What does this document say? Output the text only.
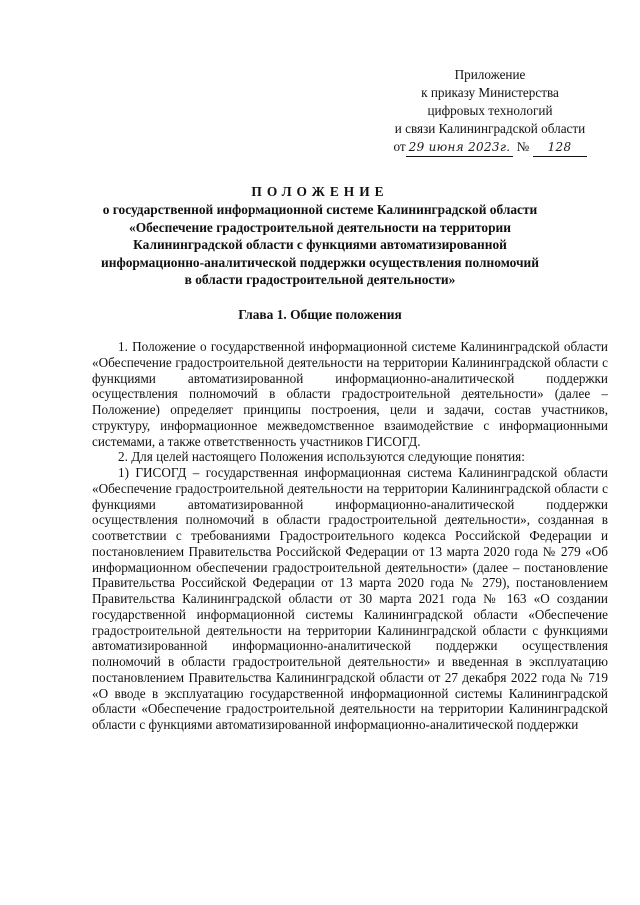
Приложение
к приказу Министерства
цифровых технологий
и связи Калининградской области
от 29 июня 2023г. № 128
ПОЛОЖЕНИЕ
о государственной информационной системе Калининградской области
«Обеспечение градостроительной деятельности на территории
Калининградской области с функциями автоматизированной
информационно-аналитической поддержки осуществления полномочий
в области градостроительной деятельности»
Глава 1. Общие положения

1. Положение о государственной информационной системе Калининградской области «Обеспечение градостроительной деятельности на территории Калининградской области с функциями автоматизированной информационно-аналитической поддержки осуществления полномочий в области градостроительной деятельности» (далее – Положение) определяет принципы построения, цели и задачи, состав участников, структуру, информационное межведомственное взаимодействие с информационными системами, а также ответственность участников ГИСОГД.

2. Для целей настоящего Положения используются следующие понятия:

1) ГИСОГД – государственная информационная система Калининградской области «Обеспечение градостроительной деятельности на территории Калининградской области с функциями автоматизированной информационно-аналитической поддержки осуществления полномочий в области градостроительной деятельности», созданная в соответствии с требованиями Градостроительного кодекса Российской Федерации и постановлением Правительства Российской Федерации от 13 марта 2020 года № 279 «Об информационном обеспечении градостроительной деятельности» (далее – постановление Правительства Российской Федерации от 13 марта 2020 года № 279), постановлением Правительства Калининградской области от 30 марта 2021 года № 163 «О создании государственной информационной системы Калининградской области «Обеспечение градостроительной деятельности на территории Калининградской области с функциями автоматизированной информационно-аналитической поддержки осуществления полномочий в области градостроительной деятельности» и введенная в эксплуатацию постановлением Правительства Калининградской области от 27 декабря 2022 года № 719 «О вводе в эксплуатацию государственной информационной системы Калининградской области «Обеспечение градостроительной деятельности на территории Калининградской области с функциями автоматизированной информационно-аналитической поддержки
